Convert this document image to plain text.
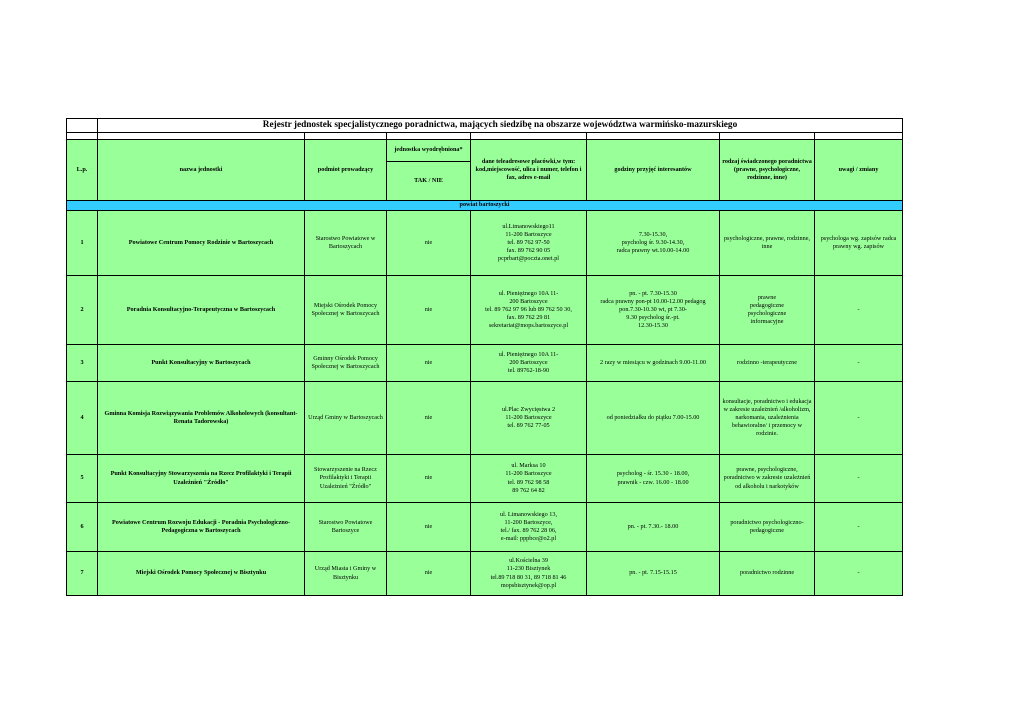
	Rejestr jednostek specjalistycznego poradnictwa, mających siedzibę na obszarze województwa warmińsko-mazurskiego						

L.p.	nazwa jednostki	podmiot prowadzący	jednostka wyodrębniona*	dane teleadresowe placówki,w tym: kod,miejscowość, ulica i numer, telefon i fax, adres e-mail	godziny przyjęć interesantów	rodzaj świadczonego poradnictwa (prawne, psychologiczne, rodzinne, inne)	uwagi / zmiany
			TAK / NIE				
powiat bartoszycki							
1	Powiatowe Centrum Pomocy Rodzinie w Bartoszycach	Starostwo Powiatowe w Bartoszycach	nie	ul.Limanowskiego11
11-200 Bartoszyce
tel. 89 762 97-50
fax. 89 762 90 05
pcprbart@poczta.onet.pl	7.30-15.30,
psycholog śr. 9.30-14.30,
radca prawny wt.10.00-14.00	psychologiczne, prawne, rodzinne, inne	psychologa wg. zapisów radca prawny wg. zapisów
2	Poradnia Konsultacyjno-Terapeutyczna w Bartoszycach	Miejski Ośrodek Pomocy Społecznej w Bartoszycach	nie	ul. Pieniężnego 10A 11-
200 Bartoszyce
tel. 89 762 97 96 lub 89 762 50 30,
fax. 89 762 29 81
sekretariat@mops.bartoszyce.pl	pn. - pt. 7.30-15.30
radca prawny pon-pt 10.00-12.00 pedagog pon.7.30-10.30 wt, pt 7.30-
9.30 psycholog śr.-pt.
12.30-15.30	prawne
pedagogiczne
psychologiczne
informacyjne	-
3	Punkt Konsultacyjny w Bartoszycach	Gminny Ośrodek Pomocy Społecznej w Bartoszycach	nie	ul. Pieniężnego 10A 11-
200 Bartoszyce
tel. 89762-18-90	2 razy w miesiącu w godzinach 9.00-11.00	rodzinno -terapeutyczne	-
4	Gminna Komisja Rozwiązywania Problemów Alkoholowych (konsultant- Renata Tadorowska)	Urząd Gminy w Bartoszycach	nie	ul.Plac Zwycięstwa 2
11-200 Bartoszyce
tel. 89 762 77-05	od poniedziałku do piątku 7.00-15.00	konsultacje, poradnictwo i edukacja w zakresie uzależnień /alkoholizm, narkomania, uzależnienia behawioralne/ i przemocy w rodzinie.	-
5	Punkt Konsultacyjny Stowarzyszenia na Rzecz Profilaktyki i Terapii Uzależnień "Źródło"	Stowarzyszenie na Rzecz Profilaktyki i Terapii Uzależnień "Źródło"	nie	ul. Marksa 10
11-200 Bartoszyce
tel. 89 762 98 58
89 762 64 82	psycholog - śr. 15.30 - 18.00,
prawnik - czw. 16.00 - 18.00	prawne, psychologiczne, poradnictwo w zakresie uzależnień od alkoholu i narkotyków	-
6	Powiatowe Centrum Rozwoju Edukacji - Poradnia Psychologiczno-Pedagogiczna w Bartoszycach	Starostwo Powiatowe Bartoszyce	nie	ul. Limanowskiego 13,
11-200 Bartoszyce,
tel./ fax. 89 762 28 06,
e-mail: pppbce@o2.pl	pn. - pt. 7.30.- 18.00	poradnictwo psychologiczno-pedagogiczne	-
7	Miejski Ośrodek Pomocy Społecznej w Bisztynku	Urząd Miasta i Gminy w Bisztynku	nie	ul.Kościelna 39
11-230 Bisztynek
tel.89 718 80 31, 89 718 81 46
mopsbisztynek@op.pl	pn. - pt. 7.15-15.15	poradnictwo rodzinne	-
